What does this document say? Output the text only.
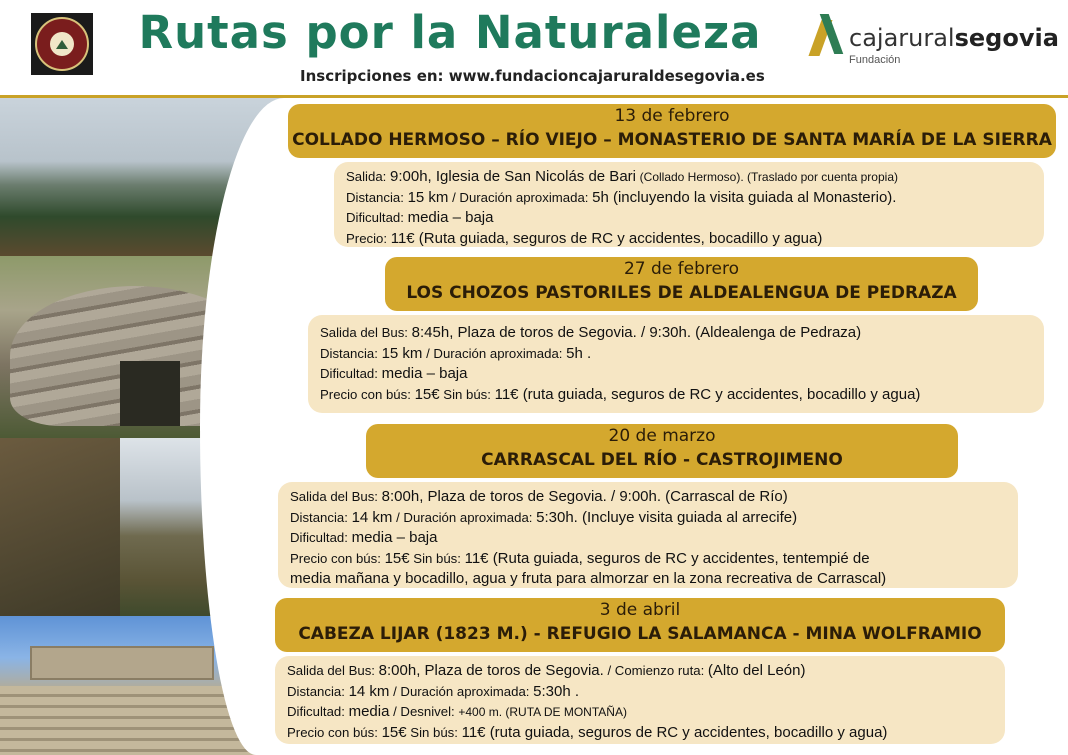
Rutas por la Naturaleza
Inscripciones en: www.fundacioncajaruraldesegovia.es
cajaruralsegovia
Fundación
13 de febrero
COLLADO HERMOSO – RÍO VIEJO – MONASTERIO DE SANTA MARÍA DE LA SIERRA
Salida: 9:00h, Iglesia de San Nicolás de Bari (Collado Hermoso). (Traslado por cuenta propia)
Distancia: 15 km / Duración aproximada: 5h (incluyendo la visita guiada al Monasterio).
Dificultad: media – baja
Precio: 11€ (Ruta guiada, seguros de RC y accidentes, bocadillo y agua)
27 de febrero
LOS CHOZOS PASTORILES DE ALDEALENGUA DE PEDRAZA
Salida del Bus: 8:45h, Plaza de toros de Segovia. / 9:30h. (Aldealenga de Pedraza)
Distancia: 15 km / Duración aproximada: 5h .
Dificultad: media – baja
Precio con bús: 15€ Sin bús: 11€ (ruta guiada, seguros de RC y accidentes, bocadillo y agua)
20 de marzo
CARRASCAL DEL RÍO - CASTROJIMENO
Salida del Bus: 8:00h, Plaza de toros de Segovia. / 9:00h. (Carrascal de Río)
Distancia: 14 km / Duración aproximada: 5:30h. (Incluye visita guiada al arrecife)
Dificultad: media – baja
Precio con bús: 15€ Sin bús: 11€ (Ruta guiada, seguros de RC y accidentes, tentempié de
media mañana y bocadillo, agua y fruta para almorzar en la zona recreativa de Carrascal)
3 de abril
CABEZA LIJAR (1823 M.) - REFUGIO LA SALAMANCA - MINA WOLFRAMIO
Salida del Bus: 8:00h, Plaza de toros de Segovia. / Comienzo ruta: (Alto del León)
Distancia: 14 km / Duración aproximada: 5:30h .
Dificultad: media / Desnivel: +400 m. (RUTA DE MONTAÑA)
Precio con bús: 15€ Sin bús: 11€ (ruta guiada, seguros de RC y accidentes, bocadillo y agua)
